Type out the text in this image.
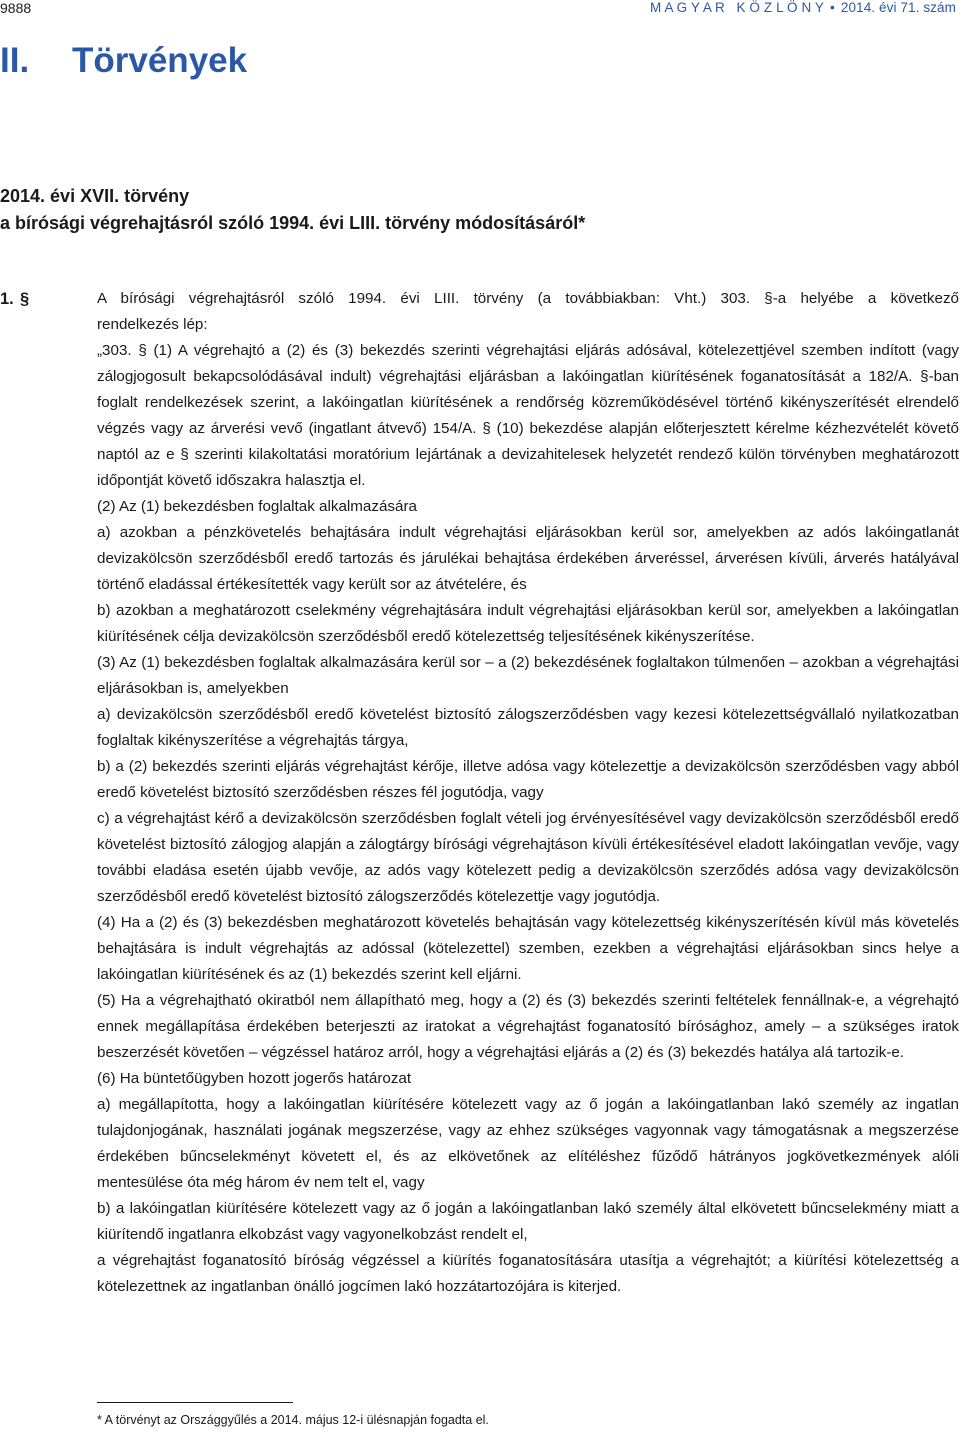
9888	M A G Y A R   K Ö Z L Ö N Y • 2014. évi 71. szám
II. Törvények
2014. évi XVII. törvény
a bírósági végrehajtásról szóló 1994. évi LIII. törvény módosításáról*
1. §	A bírósági végrehajtásról szóló 1994. évi LIII. törvény (a továbbiakban: Vht.) 303. §-a helyébe a következő

rendelkezés lép:

„303. § (1) A végrehajtó a (2) és (3) bekezdés szerinti végrehajtási eljárás adósával, kötelezettjével szemben indított (vagy zálogjogosult bekapcsolódásával indult) végrehajtási eljárásban a lakóingatlan kiürítésének foganatosítását a 182/A. §-ban foglalt rendelkezések szerint, a lakóingatlan kiürítésének a rendőrség közreműködésével történő kikényszerítését elrendelő végzés vagy az árverési vevő (ingatlant átvevő) 154/A. § (10) bekezdése alapján előterjesztett kérelme kézhezvételét követő naptól az e § szerinti kilakoltatási moratórium lejártának a devizahitelesek helyzetét rendező külön törvényben meghatározott időpontját követő időszakra halasztja el.

(2) Az (1) bekezdésben foglaltak alkalmazására

a) azokban a pénzkövetelés behajtására indult végrehajtási eljárásokban kerül sor, amelyekben az adós lakóingatlanát devizakölcsön szerződésből eredő tartozás és járulékai behajtása érdekében árveréssel, árverésen kívüli, árverés hatályával történő eladással értékesítették vagy került sor az átvételére, és

b) azokban a meghatározott cselekmény végrehajtására indult végrehajtási eljárásokban kerül sor, amelyekben a lakóingatlan kiürítésének célja devizakölcsön szerződésből eredő kötelezettség teljesítésének kikényszerítése.

(3) Az (1) bekezdésben foglaltak alkalmazására kerül sor – a (2) bekezdésének foglaltakon túlmenően – azokban a végrehajtási eljárásokban is, amelyekben

a) devizakölcsön szerződésből eredő követelést biztosító zálogszerződésben vagy kezesi kötelezettségvállaló nyilatkozatban foglaltak kikényszerítése a végrehajtás tárgya,

b) a (2) bekezdés szerinti eljárás végrehajtást kérője, illetve adósa vagy kötelezettje a devizakölcsön szerződésben vagy abból eredő követelést biztosító szerződésben részes fél jogutódja, vagy

c) a végrehajtást kérő a devizakölcsön szerződésben foglalt vételi jog érvényesítésével vagy devizakölcsön szerződésből eredő követelést biztosító zálogjog alapján a zálogtárgy bírósági végrehajtáson kívüli értékesítésével eladott lakóingatlan vevője, vagy további eladása esetén újabb vevője, az adós vagy kötelezett pedig a devizakölcsön szerződés adósa vagy devizakölcsön szerződésből eredő követelést biztosító zálogszerződés kötelezettje vagy jogutódja.

(4) Ha a (2) és (3) bekezdésben meghatározott követelés behajtásán vagy kötelezettség kikényszerítésén kívül más követelés behajtására is indult végrehajtás az adóssal (kötelezettel) szemben, ezekben a végrehajtási eljárásokban sincs helye a lakóingatlan kiürítésének és az (1) bekezdés szerint kell eljárni.

(5) Ha a végrehajtható okiratból nem állapítható meg, hogy a (2) és (3) bekezdés szerinti feltételek fennállnak-e, a végrehajtó ennek megállapítása érdekében beterjeszti az iratokat a végrehajtást foganatosító bírósághoz, amely – a szükséges iratok beszerzését követően – végzéssel határoz arról, hogy a végrehajtási eljárás a (2) és (3) bekezdés hatálya alá tartozik-e.

(6) Ha büntetőügyben hozott jogerős határozat

a) megállapította, hogy a lakóingatlan kiürítésére kötelezett vagy az ő jogán a lakóingatlanban lakó személy az ingatlan tulajdonjogának, használati jogának megszerzése, vagy az ehhez szükséges vagyonnak vagy támogatásnak a megszerzése érdekében bűncselekményt követett el, és az elkövetőnek az elítéléshez fűződő hátrányos jogkövetkezmények alóli mentesülése óta még három év nem telt el, vagy

b) a lakóingatlan kiürítésére kötelezett vagy az ő jogán a lakóingatlanban lakó személy által elkövetett bűncselekmény miatt a kiürítendő ingatlanra elkobzást vagy vagyonelkobzást rendelt el,

a végrehajtást foganatosító bíróság végzéssel a kiürítés foganatosítására utasítja a végrehajtót; a kiürítési kötelezettség a kötelezettnek az ingatlanban önálló jogcímen lakó hozzátartozójára is kiterjed.

* A törvényt az Országgyűlés a 2014. május 12-i ülésnapján fogadta el.
